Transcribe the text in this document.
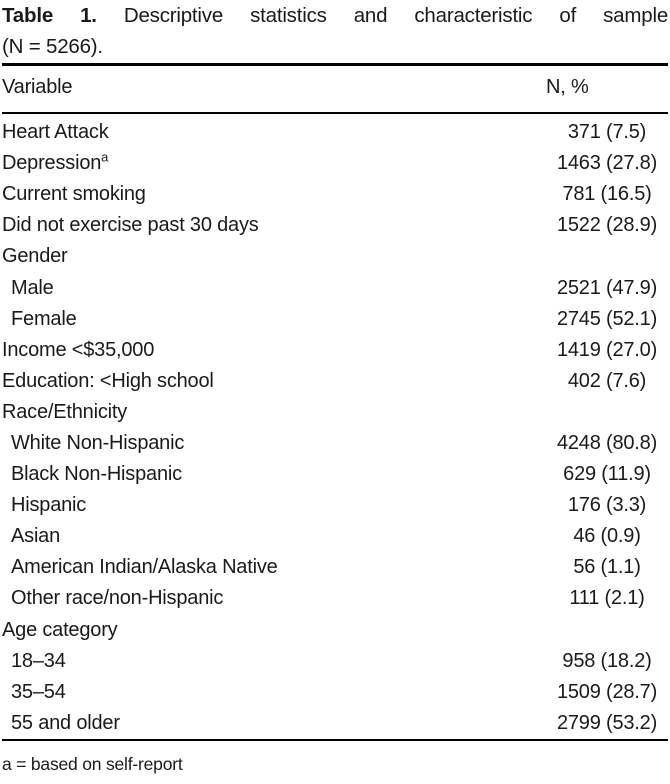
Table 1. Descriptive statistics and characteristic of sample
(N = 5266).
Variable	N, %
Heart Attack	371 (7.5)
Depression$^a$	1463 (27.8)
Current smoking	781 (16.5)
Did not exercise past 30 days	1522 (28.9)
Gender
Male	2521 (47.9)
Female	2745 (52.1)
Income <$35,000	1419 (27.0)
Education: <High school	402 (7.6)
Race/Ethnicity
White Non-Hispanic	4248 (80.8)
Black Non-Hispanic	629 (11.9)
Hispanic	176 (3.3)
Asian	46 (0.9)
American Indian/Alaska Native	56 (1.1)
Other race/non-Hispanic	111 (2.1)
Age category
18–34	958 (18.2)
35–54	1509 (28.7)
55 and older	2799 (53.2)
a = based on self-report
